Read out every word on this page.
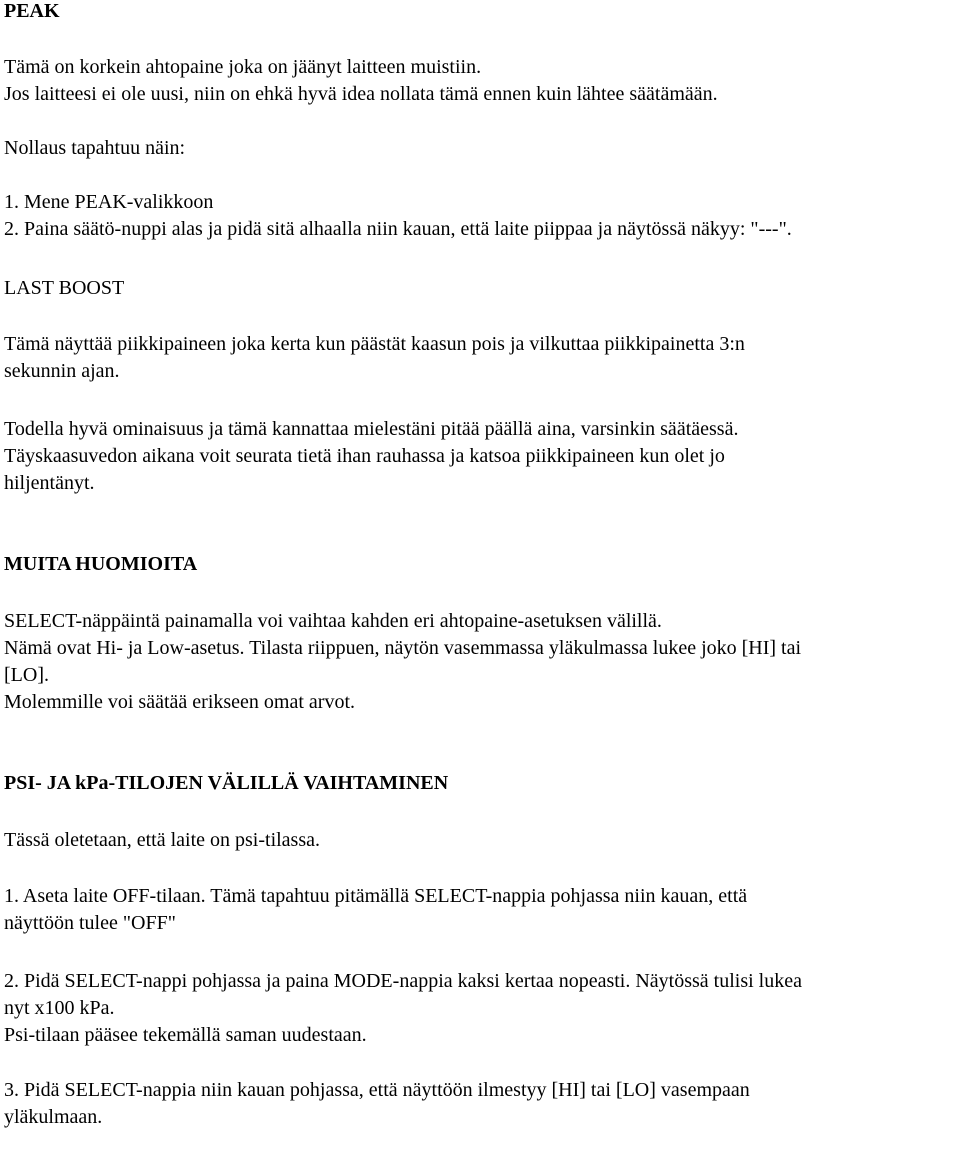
PEAK
Tämä on korkein ahtopaine joka on jäänyt laitteen muistiin.
Jos laitteesi ei ole uusi, niin on ehkä hyvä idea nollata tämä ennen kuin lähtee säätämään.
Nollaus tapahtuu näin:
1. Mene PEAK-valikkoon
2. Paina säätö-nuppi alas ja pidä sitä alhaalla niin kauan, että laite piippaa ja näytössä näkyy: "---".
LAST BOOST
Tämä näyttää piikkipaineen joka kerta kun päästät kaasun pois ja vilkuttaa piikkipainetta 3:n
sekunnin ajan.
Todella hyvä ominaisuus ja tämä kannattaa mielestäni pitää päällä aina, varsinkin säätäessä.
Täyskaasuvedon aikana voit seurata tietä ihan rauhassa ja katsoa piikkipaineen kun olet jo
hiljentänyt.
MUITA HUOMIOITA
SELECT-näppäintä painamalla voi vaihtaa kahden eri ahtopaine-asetuksen välillä.
Nämä ovat Hi- ja Low-asetus. Tilasta riippuen, näytön vasemmassa yläkulmassa lukee joko [HI] tai
[LO].
Molemmille voi säätää erikseen omat arvot.
PSI- JA kPa-TILOJEN VÄLILLÄ VAIHTAMINEN
Tässä oletetaan, että laite on psi-tilassa.
1. Aseta laite OFF-tilaan. Tämä tapahtuu pitämällä SELECT-nappia pohjassa niin kauan, että
näyttöön tulee "OFF"
2. Pidä SELECT-nappi pohjassa ja paina MODE-nappia kaksi kertaa nopeasti. Näytössä tulisi lukea
nyt x100 kPa.
Psi-tilaan pääsee tekemällä saman uudestaan.
3. Pidä SELECT-nappia niin kauan pohjassa, että näyttöön ilmestyy [HI] tai [LO] vasempaan
yläkulmaan.
